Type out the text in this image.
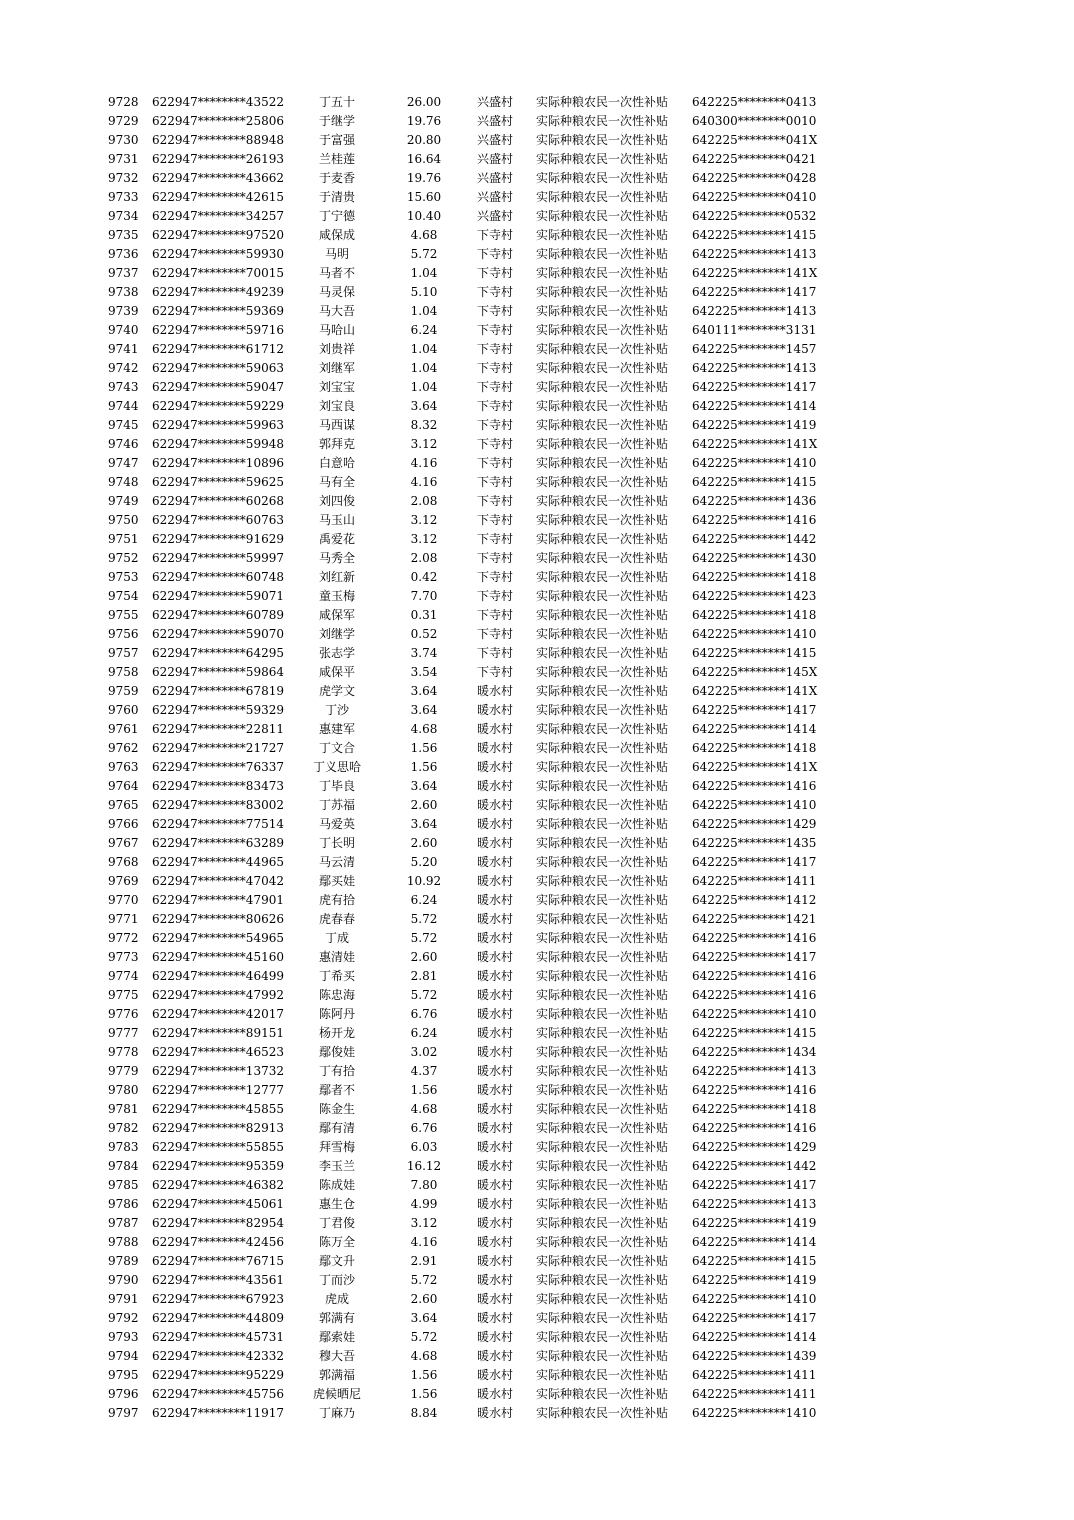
9728	622947********43522	丁五十	26.00	兴盛村	实际种粮农民一次性补贴	642225********0413
9729	622947********25806	于继学	19.76	兴盛村	实际种粮农民一次性补贴	640300********0010
9730	622947********88948	于富强	20.80	兴盛村	实际种粮农民一次性补贴	642225********041X
9731	622947********26193	兰桂莲	16.64	兴盛村	实际种粮农民一次性补贴	642225********0421
9732	622947********43662	于麦香	19.76	兴盛村	实际种粮农民一次性补贴	642225********0428
9733	622947********42615	于清贵	15.60	兴盛村	实际种粮农民一次性补贴	642225********0410
9734	622947********34257	丁宁德	10.40	兴盛村	实际种粮农民一次性补贴	642225********0532
9735	622947********97520	咸保成	4.68	下寺村	实际种粮农民一次性补贴	642225********1415
9736	622947********59930	马明	5.72	下寺村	实际种粮农民一次性补贴	642225********1413
9737	622947********70015	马者不	1.04	下寺村	实际种粮农民一次性补贴	642225********141X
9738	622947********49239	马灵保	5.10	下寺村	实际种粮农民一次性补贴	642225********1417
9739	622947********59369	马大吾	1.04	下寺村	实际种粮农民一次性补贴	642225********1413
9740	622947********59716	马哈山	6.24	下寺村	实际种粮农民一次性补贴	640111********3131
9741	622947********61712	刘贵祥	1.04	下寺村	实际种粮农民一次性补贴	642225********1457
9742	622947********59063	刘继军	1.04	下寺村	实际种粮农民一次性补贴	642225********1413
9743	622947********59047	刘宝宝	1.04	下寺村	实际种粮农民一次性补贴	642225********1417
9744	622947********59229	刘宝良	3.64	下寺村	实际种粮农民一次性补贴	642225********1414
9745	622947********59963	马西谋	8.32	下寺村	实际种粮农民一次性补贴	642225********1419
9746	622947********59948	郭拜克	3.12	下寺村	实际种粮农民一次性补贴	642225********141X
9747	622947********10896	白意哈	4.16	下寺村	实际种粮农民一次性补贴	642225********1410
9748	622947********59625	马有全	4.16	下寺村	实际种粮农民一次性补贴	642225********1415
9749	622947********60268	刘四俊	2.08	下寺村	实际种粮农民一次性补贴	642225********1436
9750	622947********60763	马玉山	3.12	下寺村	实际种粮农民一次性补贴	642225********1416
9751	622947********91629	禹爱花	3.12	下寺村	实际种粮农民一次性补贴	642225********1442
9752	622947********59997	马秀全	2.08	下寺村	实际种粮农民一次性补贴	642225********1430
9753	622947********60748	刘红新	0.42	下寺村	实际种粮农民一次性补贴	642225********1418
9754	622947********59071	童玉梅	7.70	下寺村	实际种粮农民一次性补贴	642225********1423
9755	622947********60789	咸保军	0.31	下寺村	实际种粮农民一次性补贴	642225********1418
9756	622947********59070	刘继学	0.52	下寺村	实际种粮农民一次性补贴	642225********1410
9757	622947********64295	张志学	3.74	下寺村	实际种粮农民一次性补贴	642225********1415
9758	622947********59864	咸保平	3.54	下寺村	实际种粮农民一次性补贴	642225********145X
9759	622947********67819	虎学文	3.64	暖水村	实际种粮农民一次性补贴	642225********141X
9760	622947********59329	丁沙	3.64	暖水村	实际种粮农民一次性补贴	642225********1417
9761	622947********22811	惠建军	4.68	暖水村	实际种粮农民一次性补贴	642225********1414
9762	622947********21727	丁文合	1.56	暖水村	实际种粮农民一次性补贴	642225********1418
9763	622947********76337	丁义思哈	1.56	暖水村	实际种粮农民一次性补贴	642225********141X
9764	622947********83473	丁毕良	3.64	暖水村	实际种粮农民一次性补贴	642225********1416
9765	622947********83002	丁苏福	2.60	暖水村	实际种粮农民一次性补贴	642225********1410
9766	622947********77514	马爱英	3.64	暖水村	实际种粮农民一次性补贴	642225********1429
9767	622947********63289	丁长明	2.60	暖水村	实际种粮农民一次性补贴	642225********1435
9768	622947********44965	马云清	5.20	暖水村	实际种粮农民一次性补贴	642225********1417
9769	622947********47042	鄢买娃	10.92	暖水村	实际种粮农民一次性补贴	642225********1411
9770	622947********47901	虎有拾	6.24	暖水村	实际种粮农民一次性补贴	642225********1412
9771	622947********80626	虎春春	5.72	暖水村	实际种粮农民一次性补贴	642225********1421
9772	622947********54965	丁成	5.72	暖水村	实际种粮农民一次性补贴	642225********1416
9773	622947********45160	惠清娃	2.60	暖水村	实际种粮农民一次性补贴	642225********1417
9774	622947********46499	丁希买	2.81	暖水村	实际种粮农民一次性补贴	642225********1416
9775	622947********47992	陈忠海	5.72	暖水村	实际种粮农民一次性补贴	642225********1416
9776	622947********42017	陈阿丹	6.76	暖水村	实际种粮农民一次性补贴	642225********1410
9777	622947********89151	杨开龙	6.24	暖水村	实际种粮农民一次性补贴	642225********1415
9778	622947********46523	鄢俊娃	3.02	暖水村	实际种粮农民一次性补贴	642225********1434
9779	622947********13732	丁有拾	4.37	暖水村	实际种粮农民一次性补贴	642225********1413
9780	622947********12777	鄢者不	1.56	暖水村	实际种粮农民一次性补贴	642225********1416
9781	622947********45855	陈金生	4.68	暖水村	实际种粮农民一次性补贴	642225********1418
9782	622947********82913	鄢有清	6.76	暖水村	实际种粮农民一次性补贴	642225********1416
9783	622947********55855	拜雪梅	6.03	暖水村	实际种粮农民一次性补贴	642225********1429
9784	622947********95359	李玉兰	16.12	暖水村	实际种粮农民一次性补贴	642225********1442
9785	622947********46382	陈成娃	7.80	暖水村	实际种粮农民一次性补贴	642225********1417
9786	622947********45061	惠生仓	4.99	暖水村	实际种粮农民一次性补贴	642225********1413
9787	622947********82954	丁君俊	3.12	暖水村	实际种粮农民一次性补贴	642225********1419
9788	622947********42456	陈万全	4.16	暖水村	实际种粮农民一次性补贴	642225********1414
9789	622947********76715	鄢文升	2.91	暖水村	实际种粮农民一次性补贴	642225********1415
9790	622947********43561	丁而沙	5.72	暖水村	实际种粮农民一次性补贴	642225********1419
9791	622947********67923	虎成	2.60	暖水村	实际种粮农民一次性补贴	642225********1410
9792	622947********44809	郭满有	3.64	暖水村	实际种粮农民一次性补贴	642225********1417
9793	622947********45731	鄢索娃	5.72	暖水村	实际种粮农民一次性补贴	642225********1414
9794	622947********42332	穆大吾	4.68	暖水村	实际种粮农民一次性补贴	642225********1439
9795	622947********95229	郭满福	1.56	暖水村	实际种粮农民一次性补贴	642225********1411
9796	622947********45756	虎候晒尼	1.56	暖水村	实际种粮农民一次性补贴	642225********1411
9797	622947********11917	丁麻乃	8.84	暖水村	实际种粮农民一次性补贴	642225********1410
